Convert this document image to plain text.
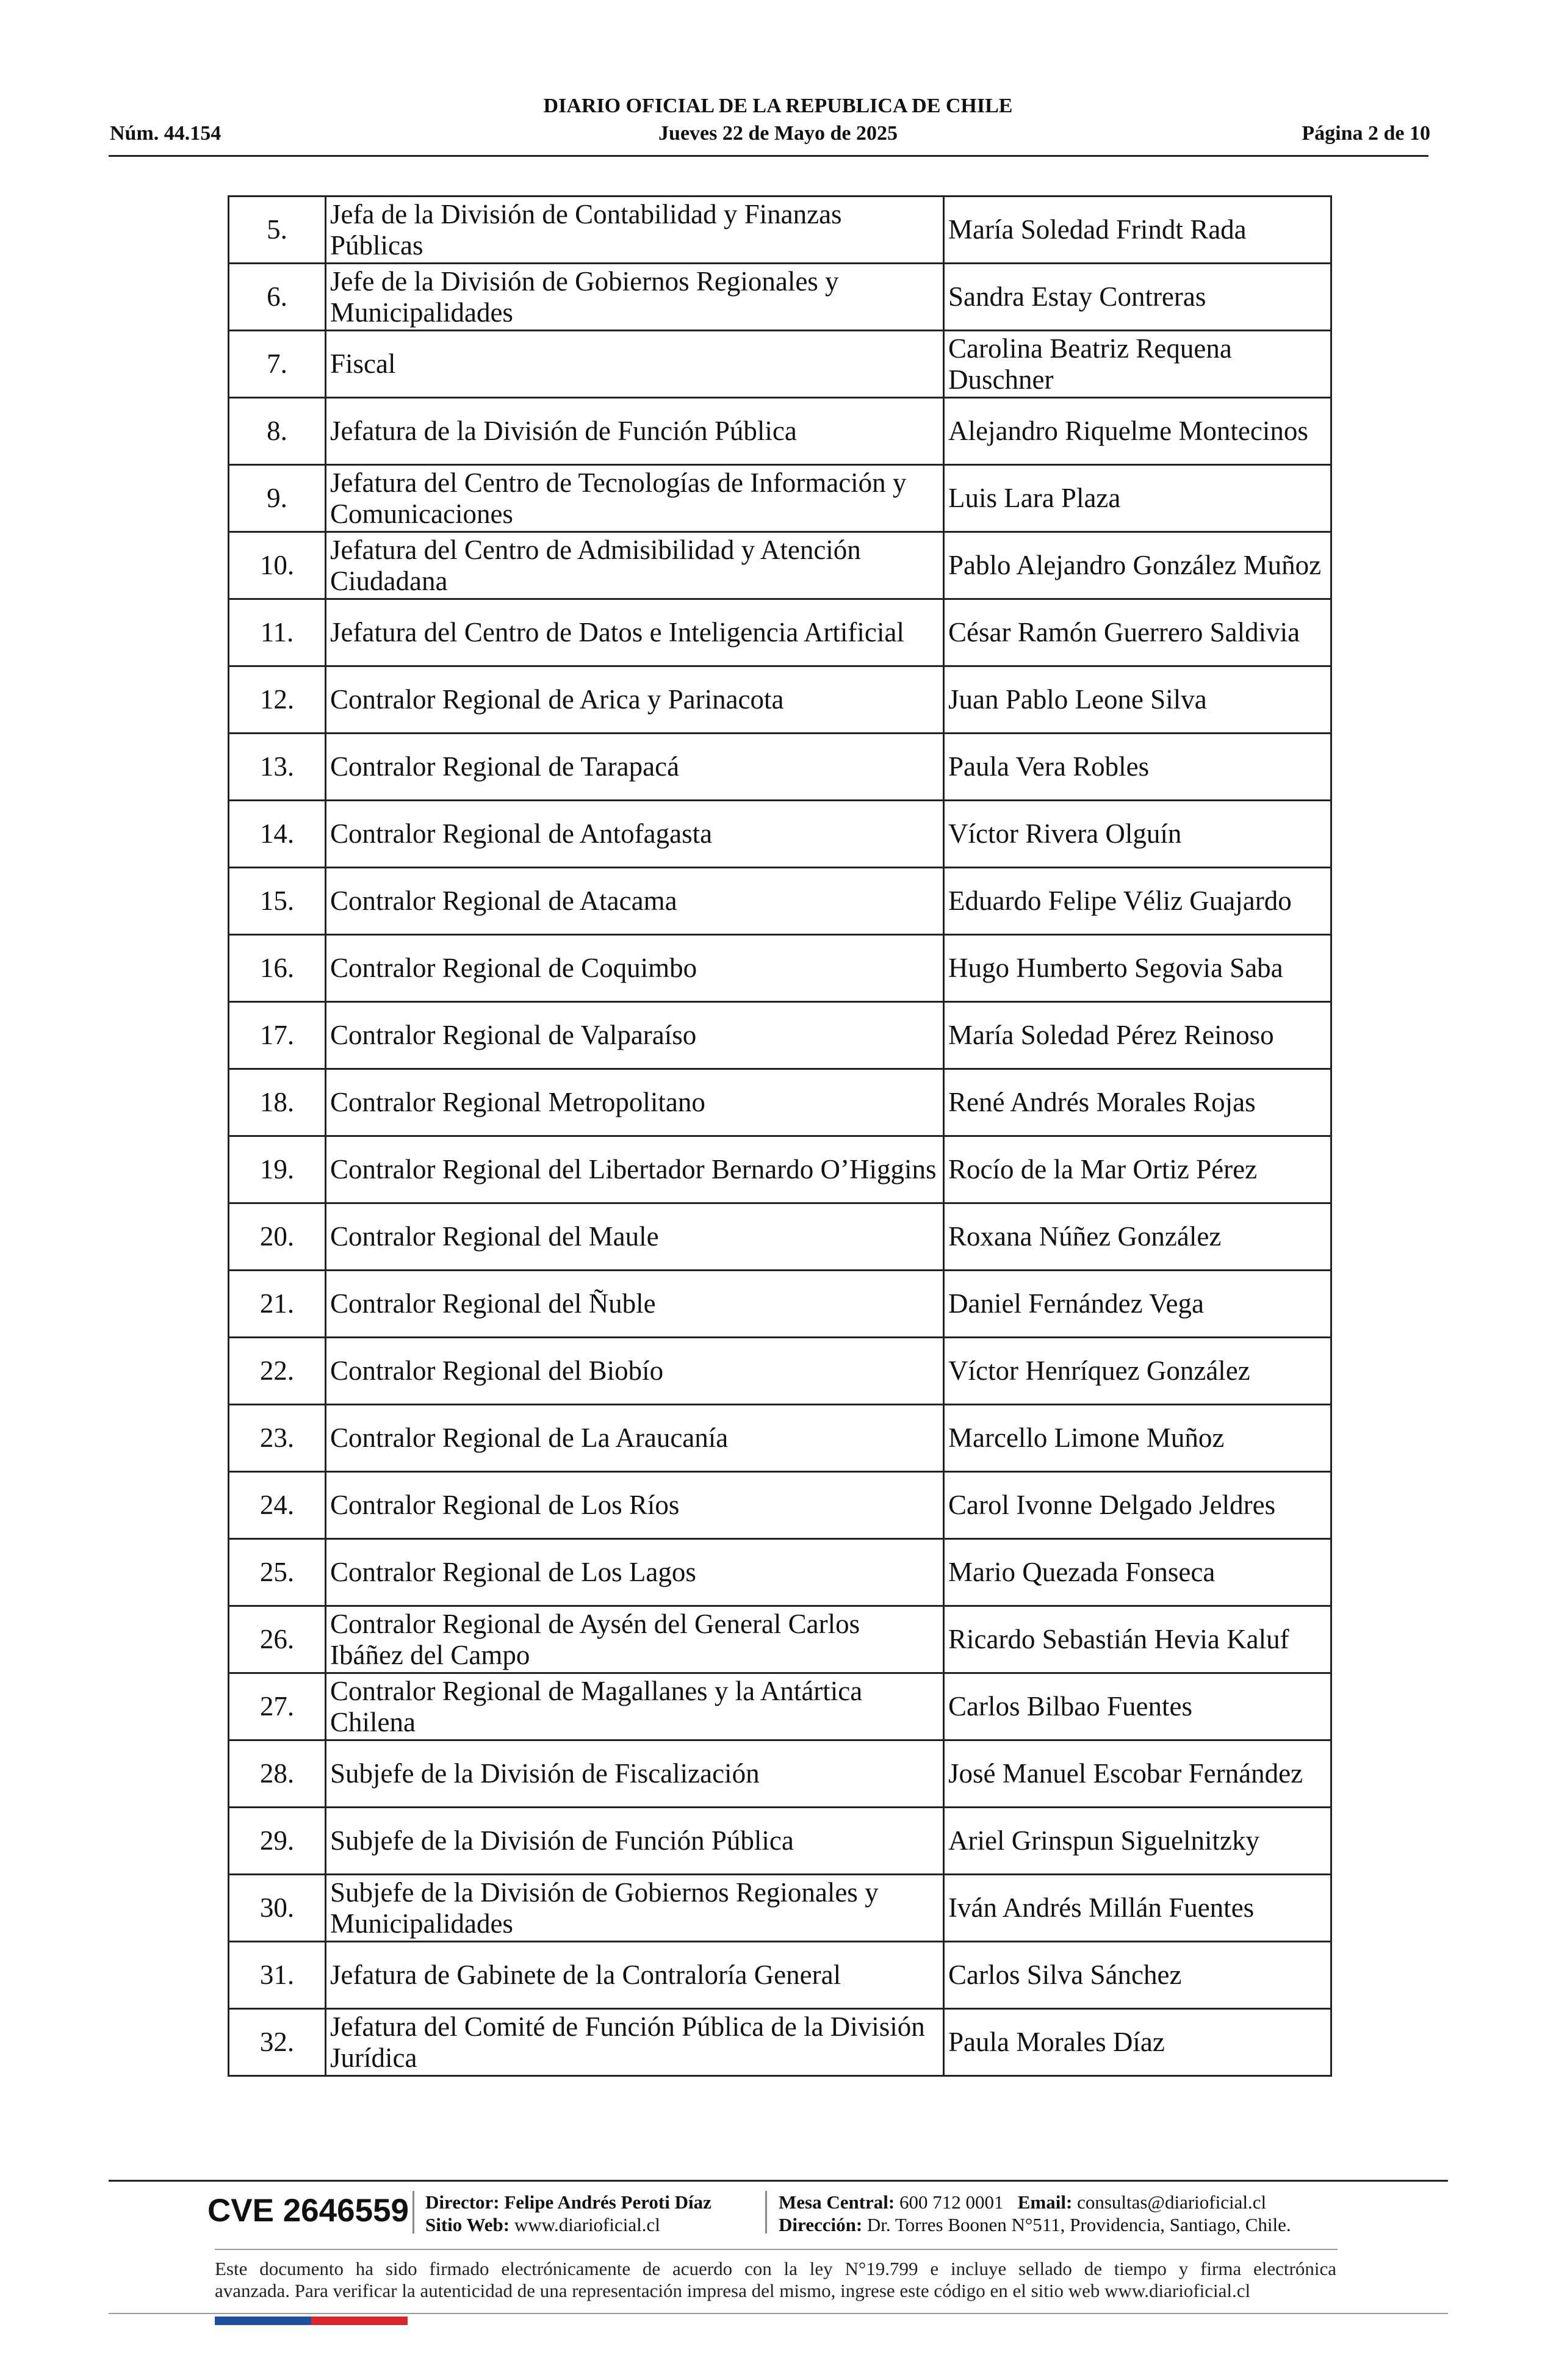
DIARIO OFICIAL DE LA REPUBLICA DE CHILE
Jueves 22 de Mayo de 2025
Núm. 44.154	Página 2 de 10
5.	Jefa de la División de Contabilidad y Finanzas Públicas	María Soledad Frindt Rada
6.	Jefe de la División de Gobiernos Regionales y Municipalidades	Sandra Estay Contreras
7.	Fiscal	Carolina Beatriz Requena Duschner
8.	Jefatura de la División de Función Pública	Alejandro Riquelme Montecinos
9.	Jefatura del Centro de Tecnologías de Información y Comunicaciones	Luis Lara Plaza
10.	Jefatura del Centro de Admisibilidad y Atención Ciudadana	Pablo Alejandro González Muñoz
11.	Jefatura del Centro de Datos e Inteligencia Artificial	César Ramón Guerrero Saldivia
12.	Contralor Regional de Arica y Parinacota	Juan Pablo Leone Silva
13.	Contralor Regional de Tarapacá	Paula Vera Robles
14.	Contralor Regional de Antofagasta	Víctor Rivera Olguín
15.	Contralor Regional de Atacama	Eduardo Felipe Véliz Guajardo
16.	Contralor Regional de Coquimbo	Hugo Humberto Segovia Saba
17.	Contralor Regional de Valparaíso	María Soledad Pérez Reinoso
18.	Contralor Regional Metropolitano	René Andrés Morales Rojas
19.	Contralor Regional del Libertador Bernardo O’Higgins	Rocío de la Mar Ortiz Pérez
20.	Contralor Regional del Maule	Roxana Núñez González
21.	Contralor Regional del Ñuble	Daniel Fernández Vega
22.	Contralor Regional del Biobío	Víctor Henríquez González
23.	Contralor Regional de La Araucanía	Marcello Limone Muñoz
24.	Contralor Regional de Los Ríos	Carol Ivonne Delgado Jeldres
25.	Contralor Regional de Los Lagos	Mario Quezada Fonseca
26.	Contralor Regional de Aysén del General Carlos Ibáñez del Campo	Ricardo Sebastián Hevia Kaluf
27.	Contralor Regional de Magallanes y la Antártica Chilena	Carlos Bilbao Fuentes
28.	Subjefe de la División de Fiscalización	José Manuel Escobar Fernández
29.	Subjefe de la División de Función Pública	Ariel Grinspun Siguelnitzky
30.	Subjefe de la División de Gobiernos Regionales y Municipalidades	Iván Andrés Millán Fuentes
31.	Jefatura de Gabinete de la Contraloría General	Carlos Silva Sánchez
32.	Jefatura del Comité de Función Pública de la División Jurídica	Paula Morales Díaz
CVE 2646559 Director: Felipe Andrés Peroti Díaz
Sitio Web: www.diarioficial.cl
Mesa Central: 600 712 0001 Email: consultas@diarioficial.cl
Dirección: Dr. Torres Boonen N°511, Providencia, Santiago, Chile.
Este documento ha sido firmado electrónicamente de acuerdo con la ley N°19.799 e incluye sellado de tiempo y firma electrónica
avanzada. Para verificar la autenticidad de una representación impresa del mismo, ingrese este código en el sitio web www.diarioficial.cl
